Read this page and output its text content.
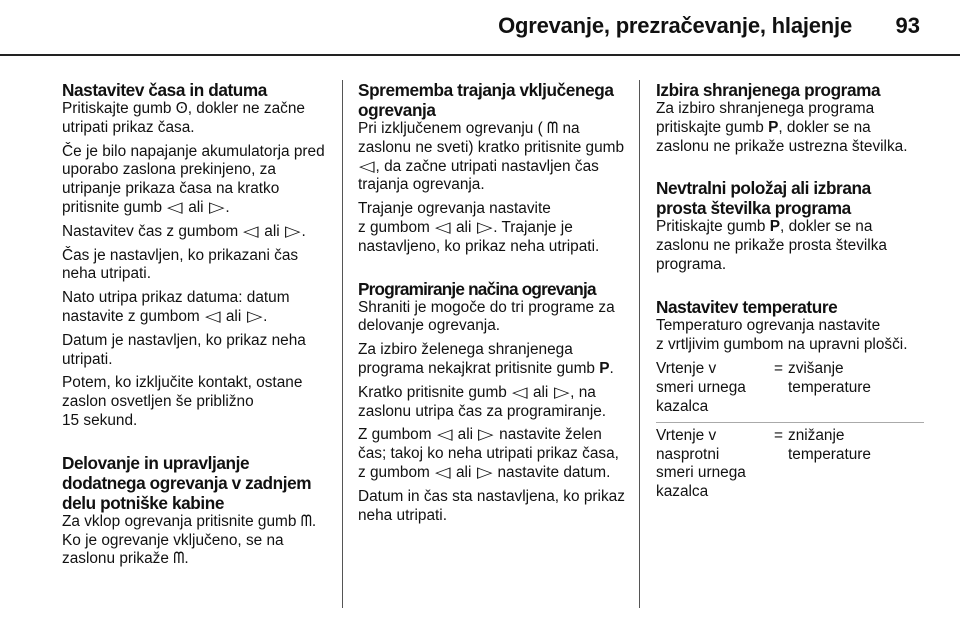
Ogrevanje, prezračevanje, hlajenje 93
Nastavitev časa in datuma

Pritiskajte gumb ʘ, dokler ne začne utripati prikaz časa.

Če je bilo napajanje akumulatorja pred uporabo zaslona prekinjeno, za utripanje prikaza časa na kratko pritisnite gumb ◁ ali ▷.

Nastavitev čas z gumbom ◁ ali ▷.

Čas je nastavljen, ko prikazani čas neha utripati.

Nato utripa prikaz datuma: datum nastavite z gumbom ◁ ali ▷.

Datum je nastavljen, ko prikaz neha utripati.

Potem, ko izključite kontakt, ostane zaslon osvetljen še približno
15 sekund.

Delovanje in upravljanje
dodatnega ogrevanja v zadnjem
delu potniške kabine

Za vklop ogrevanja pritisnite gumb ᗰ. Ko je ogrevanje vključeno, se na zaslonu prikaže ᗰ.

Sprememba trajanja vključenega ogrevanja

Pri izključenem ogrevanju ( ᗰ na zaslonu ne sveti) kratko pritisnite gumb ◁, da začne utripati nastavljen čas trajanja ogrevanja.

Trajanje ogrevanja nastavite
z gumbom ◁ ali ▷. Trajanje je nastavljeno, ko prikaz neha utripati.

Programiranje načina ogrevanja

Shraniti je mogoče do tri programe za delovanje ogrevanja.

Za izbiro želenega shranjenega programa nekajkrat pritisnite gumb P.

Kratko pritisnite gumb ◁ ali ▷, na zaslonu utripa čas za programiranje.

Z gumbom ◁ ali ▷ nastavite želen čas; takoj ko neha utripati prikaz časa, z gumbom ◁ ali ▷ nastavite datum.

Datum in čas sta nastavljena, ko prikaz neha utripati.

Izbira shranjenega programa

Za izbiro shranjenega programa pritiskajte gumb P, dokler se na zaslonu ne prikaže ustrezna številka.

Nevtralni položaj ali izbrana prosta številka programa

Pritiskajte gumb P, dokler se na zaslonu ne prikaže prosta številka programa.

Nastavitev temperature

Temperaturo ogrevanja nastavite
z vrtljivim gumbom na upravni plošči.

Vrtenje v smeri urnega kazalca
= zvišanje temperature
Vrtenje v nasprotni smeri urnega kazalca
= znižanje temperature
